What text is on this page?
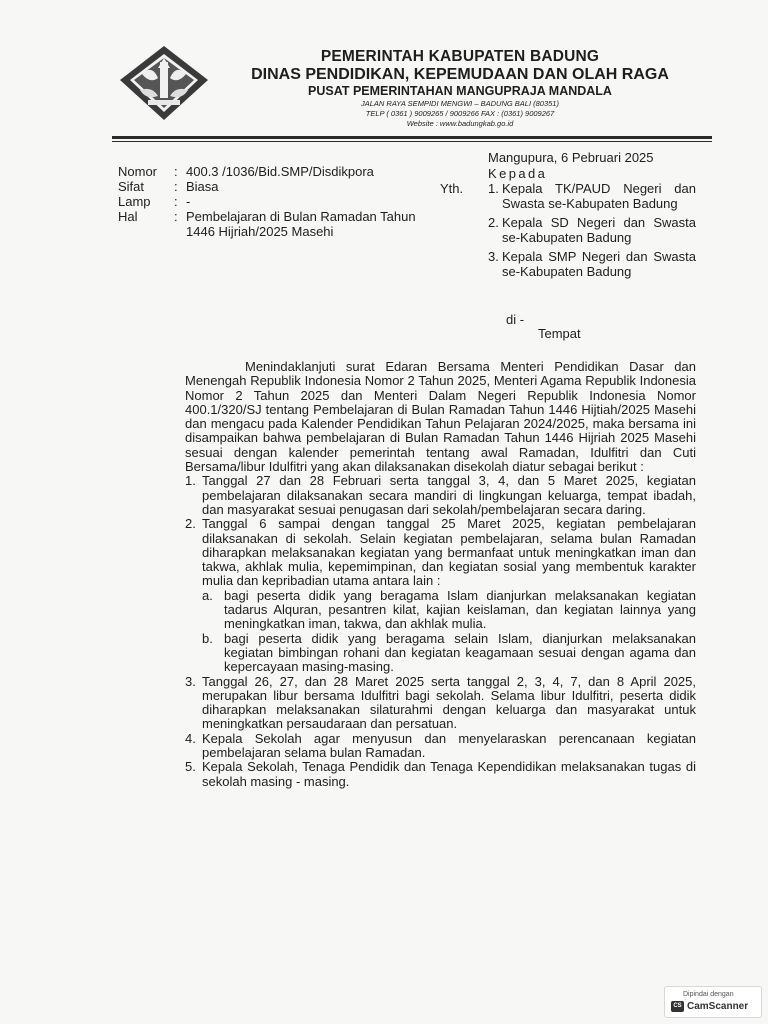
PEMERINTAH KABUPATEN BADUNG
DINAS PENDIDIKAN, KEPEMUDAAN DAN OLAH RAGA
PUSAT PEMERINTAHAN MANGUPRAJA MANDALA
JALAN RAYA SEMPIDI MENGWI – BADUNG BALI (80351)
TELP ( 0361 ) 9009265 / 9009266 FAX : (0361) 9009267
Website : www.badungkab.go.id
Nomor	: 400.3 /1036/Bid.SMP/Disdikpora
Sifat	: Biasa
Lamp	: -
Hal	: Pembelajaran di Bulan Ramadan Tahun 1446 Hijriah/2025 Masehi
Mangupura, 6 Pebruari 2025
Kepada
Yth. 1. Kepala TK/PAUD Negeri dan Swasta se-Kabupaten Badung
2. Kepala SD Negeri dan Swasta se-Kabupaten Badung
3. Kepala SMP Negeri dan Swasta se-Kabupaten Badung
di -
Tempat

Menindaklanjuti surat Edaran Bersama Menteri Pendidikan Dasar dan Menengah Republik Indonesia Nomor 2 Tahun 2025, Menteri Agama Republik Indonesia Nomor 2 Tahun 2025 dan Menteri Dalam Negeri Republik Indonesia Nomor 400.1/320/SJ tentang Pembelajaran di Bulan Ramadan Tahun 1446 Hijtiah/2025 Masehi dan mengacu pada Kalender Pendidikan Tahun Pelajaran 2024/2025, maka bersama ini disampaikan bahwa pembelajaran di Bulan Ramadan Tahun 1446 Hijriah 2025 Masehi sesuai dengan kalender pemerintah tentang awal Ramadan, Idulfitri dan Cuti Bersama/libur Idulfitri yang akan dilaksanakan disekolah diatur sebagai berikut :

1. Tanggal 27 dan 28 Februari serta tanggal 3, 4, dan 5 Maret 2025, kegiatan pembelajaran dilaksanakan secara mandiri di lingkungan keluarga, tempat ibadah, dan masyarakat sesuai penugasan dari sekolah/pembelajaran secara daring.
2. Tanggal 6 sampai dengan tanggal 25 Maret 2025, kegiatan pembelajaran dilaksanakan di sekolah. Selain kegiatan pembelajaran, selama bulan Ramadan diharapkan melaksanakan kegiatan yang bermanfaat untuk meningkatkan iman dan takwa, akhlak mulia, kepemimpinan, dan kegiatan sosial yang membentuk karakter mulia dan kepribadian utama antara lain :
a. bagi peserta didik yang beragama Islam dianjurkan melaksanakan kegiatan tadarus Alquran, pesantren kilat, kajian keislaman, dan kegiatan lainnya yang meningkatkan iman, takwa, dan akhlak mulia.
b. bagi peserta didik yang beragama selain Islam, dianjurkan melaksanakan kegiatan bimbingan rohani dan kegiatan keagamaan sesuai dengan agama dan kepercayaan masing-masing.
3. Tanggal 26, 27, dan 28 Maret 2025 serta tanggal 2, 3, 4, 7, dan 8 April 2025, merupakan libur bersama Idulfitri bagi sekolah. Selama libur Idulfitri, peserta didik diharapkan melaksanakan silaturahmi dengan keluarga dan masyarakat untuk meningkatkan persaudaraan dan persatuan.
4. Kepala Sekolah agar menyusun dan menyelaraskan perencanaan kegiatan pembelajaran selama bulan Ramadan.
5. Kepala Sekolah, Tenaga Pendidik dan Tenaga Kependidikan melaksanakan tugas di sekolah masing - masing.
Dipindai dengan
CS CamScanner
